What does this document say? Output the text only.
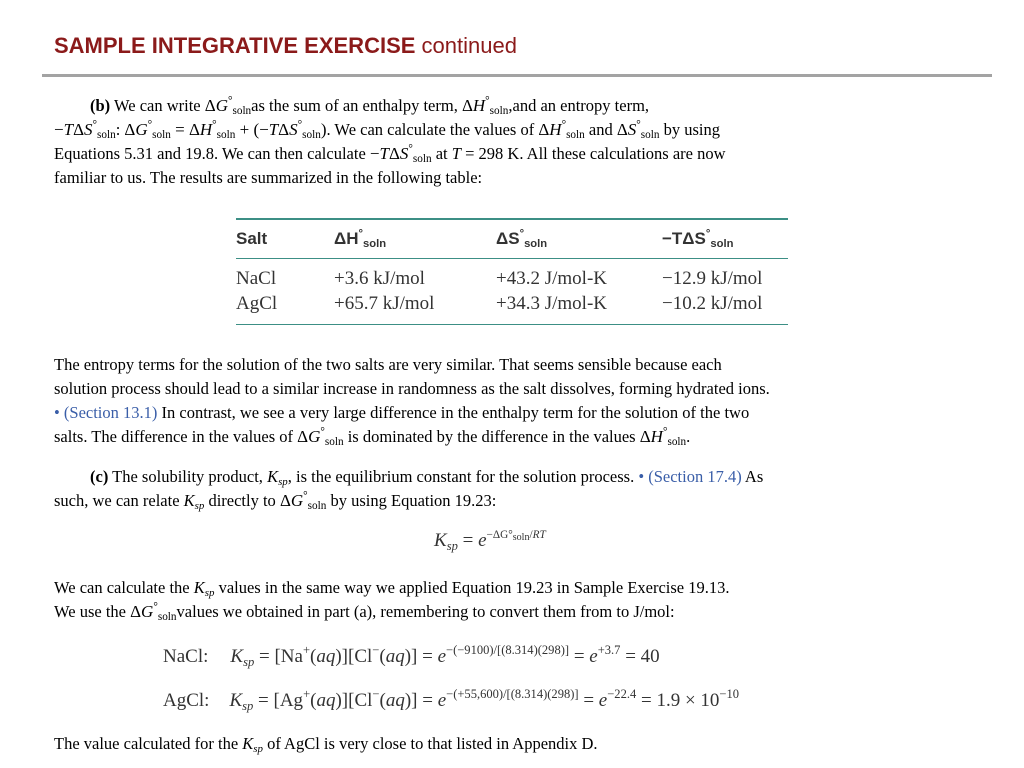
SAMPLE INTEGRATIVE EXERCISE continued
(b) We can write $\Delta G^\circ_{soln}as$ the sum of an enthalpy term, $\Delta H^\circ_{soln},and$ an entropy term,
$-T\Delta S^\circ_{soln}$: $\Delta G^\circ_{soln} = \Delta H^\circ_{soln} + (-T\Delta S^\circ_{soln})$. We can calculate the values of $\Delta H^\circ_{soln}$ and $\Delta S^\circ_{soln}$ by using
Equations 5.31 and 19.8. We can then calculate $-T\Delta S^\circ_{soln}$ at T = 298 K. All these calculations are now
familiar to us. The results are summarized in the following table:
Salt	$\Delta H^\circ_{soln}$	$\Delta S^\circ_{soln}$	$-T\Delta S^\circ_{soln}$
NaCl	+3.6 kJ/mol	+43.2 J/mol-K	−12.9 kJ/mol
AgCl	+65.7 kJ/mol	+34.3 J/mol-K	−10.2 kJ/mol
The entropy terms for the solution of the two salts are very similar. That seems sensible because each
solution process should lead to a similar increase in randomness as the salt dissolves, forming hydrated ions.
• (Section 13.1) In contrast, we see a very large difference in the enthalpy term for the solution of the two
salts. The difference in the values of $\Delta G^\circ_{soln}$ is dominated by the difference in the values $\Delta H^\circ_{soln}$.
(c) The solubility product, $K_{sp}$, is the equilibrium constant for the solution process. • (Section 17.4) As
such, we can relate $K_{sp}$ directly to $\Delta G^\circ_{soln}$ by using Equation 19.23:
$K_{sp} = e^{-\Delta G^\circ_{soln}/RT}$
We can calculate the $K_{sp}$ values in the same way we applied Equation 19.23 in Sample Exercise 19.13.
We use the $\Delta G^\circ_{soln}values$ we obtained in part (a), remembering to convert them from to J/mol:
NaCl: $K_{sp} = [Na^+(aq)][Cl^-(aq)] = e^{-(-9100)/[(8.314)(298)]} = e^{+3.7} = 40$
AgCl: $K_{sp} = [Ag^+(aq)][Cl^-(aq)] = e^{-(+55,600)/[(8.314)(298)]} = e^{-22.4} = 1.9 \times 10^{-10}$
The value calculated for the $K_{sp}$ of AgCl is very close to that listed in Appendix D.
